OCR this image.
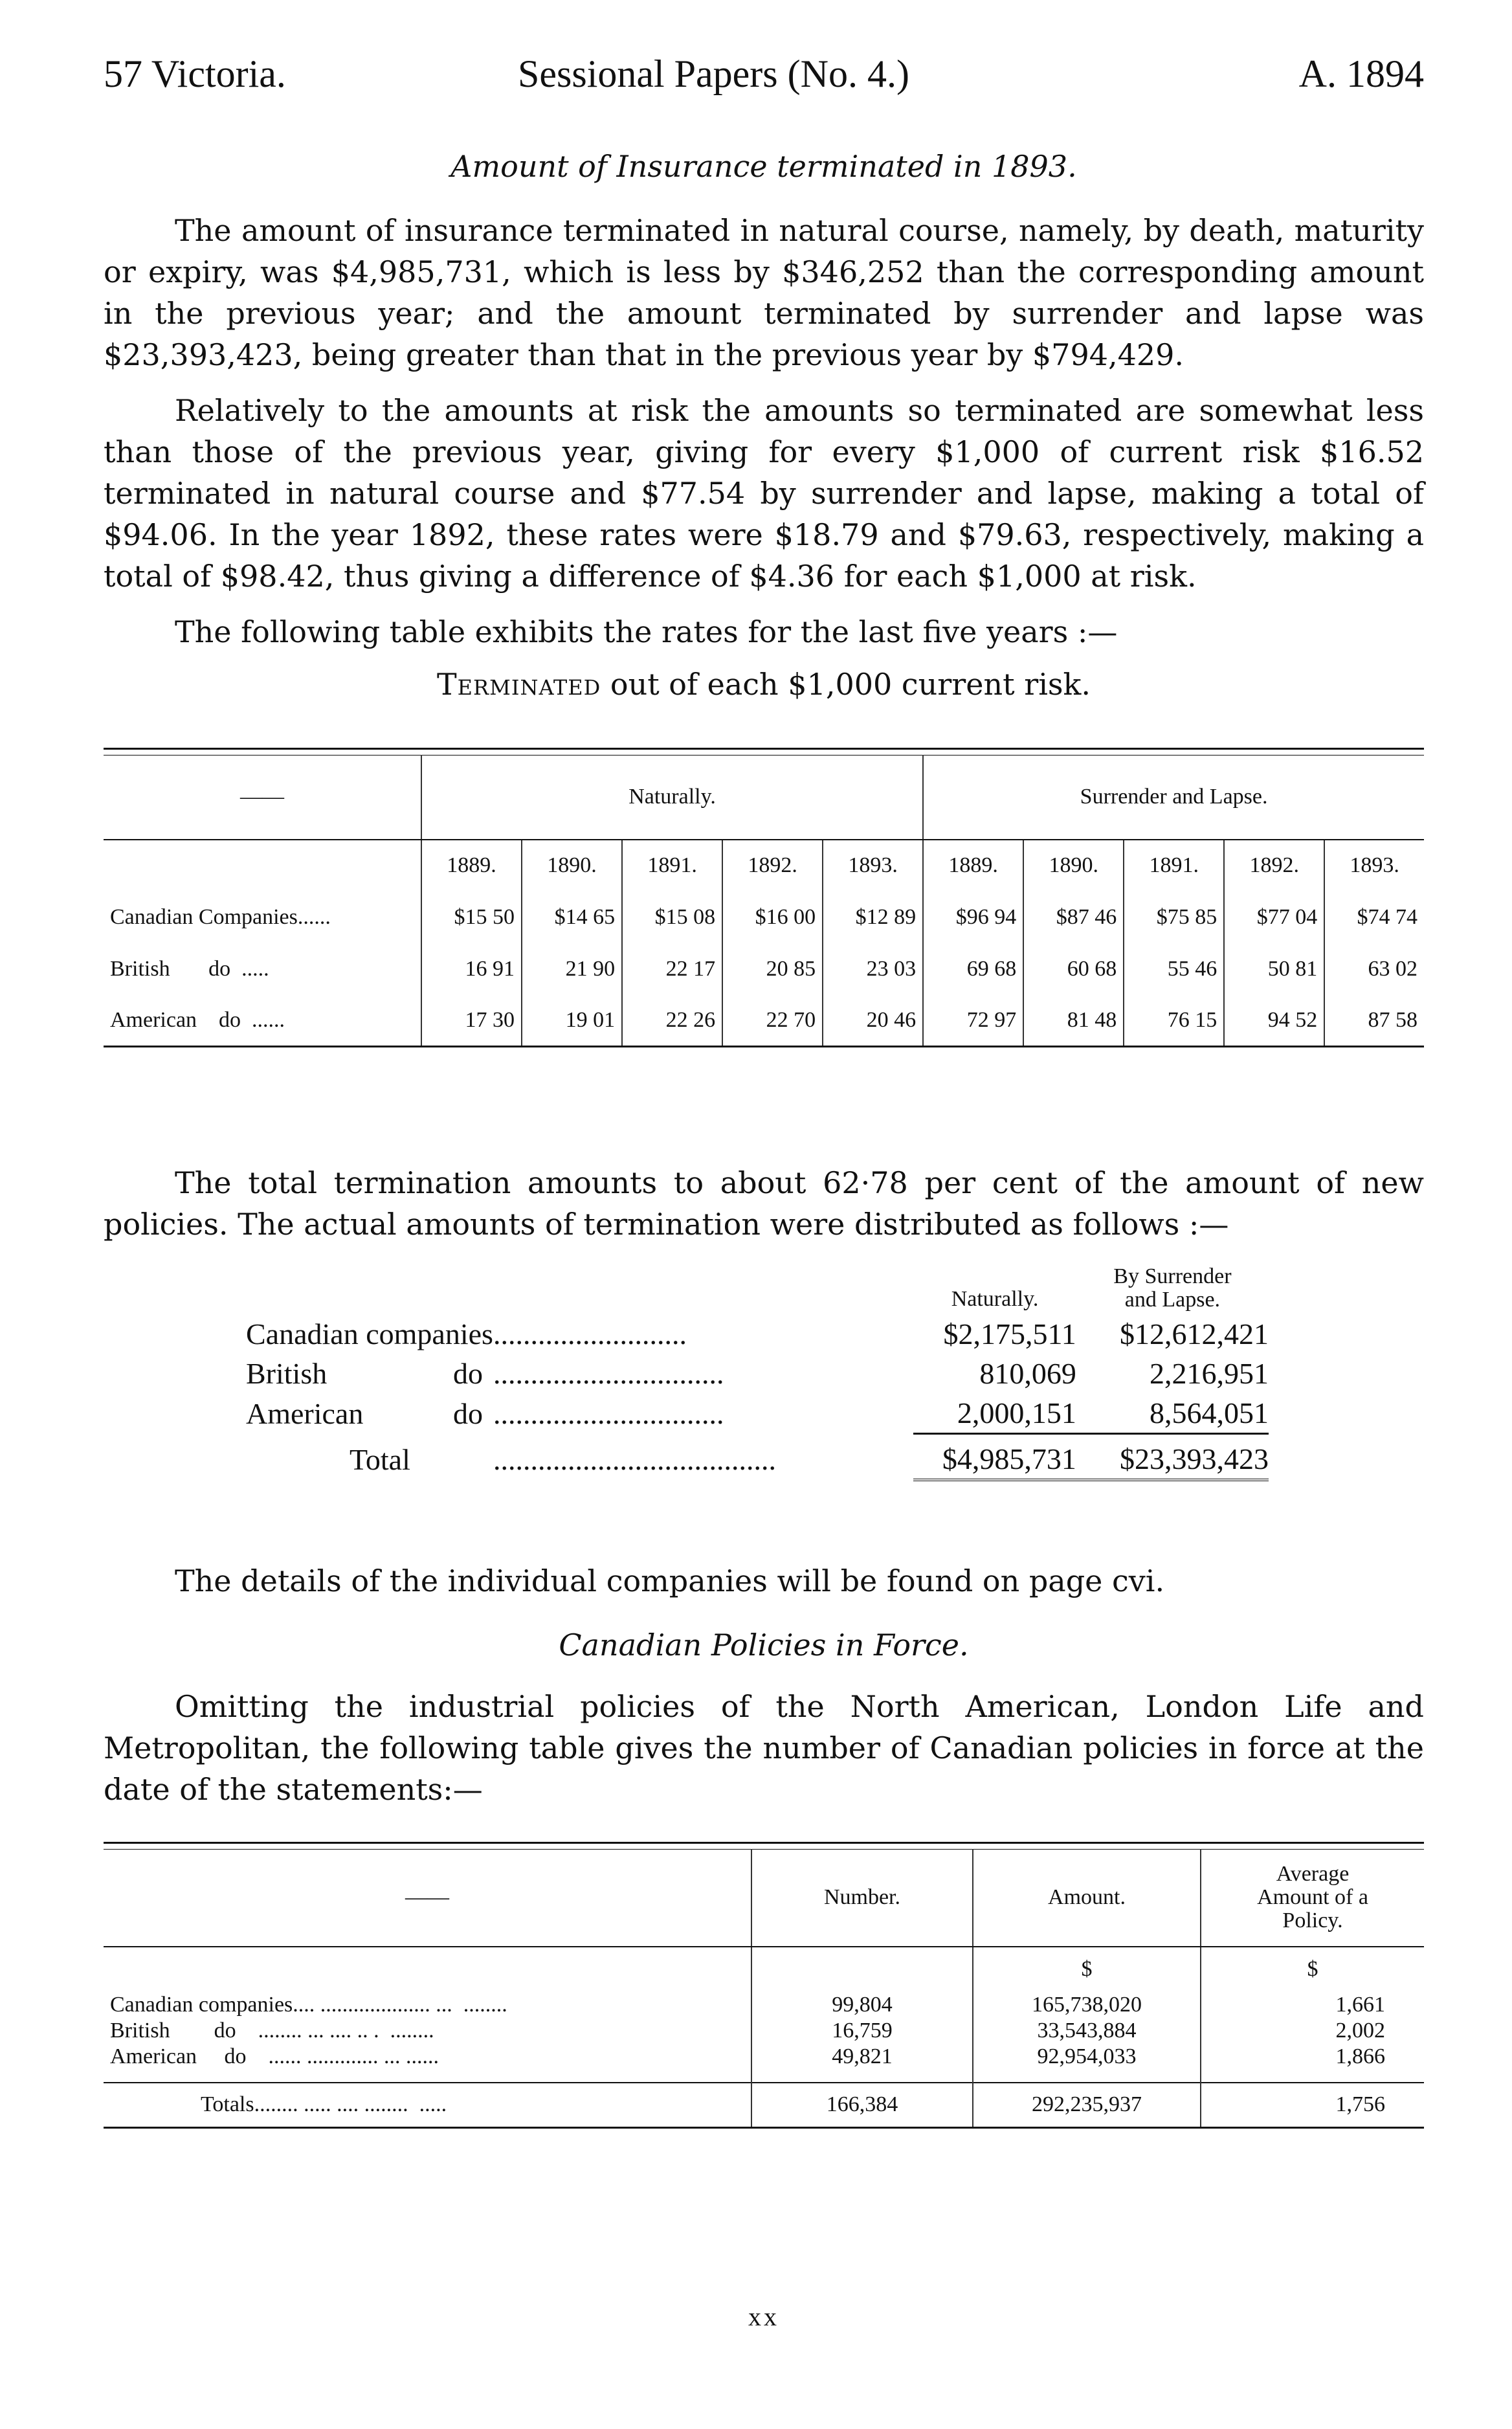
57 Victoria.	Sessional Papers (No. 4.)	A. 1894
Amount of Insurance terminated in 1893.

The amount of insurance terminated in natural course, namely, by death, maturity or expiry, was $4,985,731, which is less by $346,252 than the corresponding amount in the previous year; and the amount terminated by surrender and lapse was $23,393,423, being greater than that in the previous year by $794,429.

Relatively to the amounts at risk the amounts so terminated are somewhat less than those of the previous year, giving for every $1,000 of current risk $16.52 terminated in natural course and $77.54 by surrender and lapse, making a total of $94.06. In the year 1892, these rates were $18.79 and $79.63, respectively, making a total of $98.42, thus giving a difference of $4.36 for each $1,000 at risk.

The following table exhibits the rates for the last five years :—

Terminated out of each $1,000 current risk.

——	Naturally.					Surrender and Lapse.				
	1889.	1890.	1891.	1892.	1893.	1889.	1890.	1891.	1892.	1893.
Canadian Companies......	$15 50	$14 65	$15 08	$16 00	$12 89	$96 94	$87 46	$75 85	$77 04	$74 74
British       do  .....	16 91	21 90	22 17	20 85	23 03	69 68	60 68	55 46	50 81	63 02
American    do  ......	17 30	19 01	22 26	22 70	20 46	72 97	81 48	76 15	94 52	87 58

The total termination amounts to about 62·78 per cent of the amount of new policies. The actual amounts of termination were distributed as follows :—

		Naturally.	By Surrender
and Lapse.

Canadian companies	..........................	$2,175,511	$12,612,421
British do	...............................	810,069	2,216,951
American do	...............................	2,000,151	8,564,051

Total	......................................	$4,985,731	$23,393,423

The details of the individual companies will be found on page cvi.

Canadian Policies in Force.

Omitting the industrial policies of the North American, London Life and Metropolitan, the following table gives the number of Canadian policies in force at the date of the statements:—

——	Number.	Amount.	Average
Amount of a
Policy.

		$	$
Canadian companies.... .................... ...  ........	99,804	165,738,020	1,661
British        do    ........ ... .... .. .  ........	16,759	33,543,884	2,002
American     do    ...... ............. ... ......	49,821	92,954,033	1,866

Totals........ ..... .... ........  .....	166,384	292,235,937	1,756

xx
